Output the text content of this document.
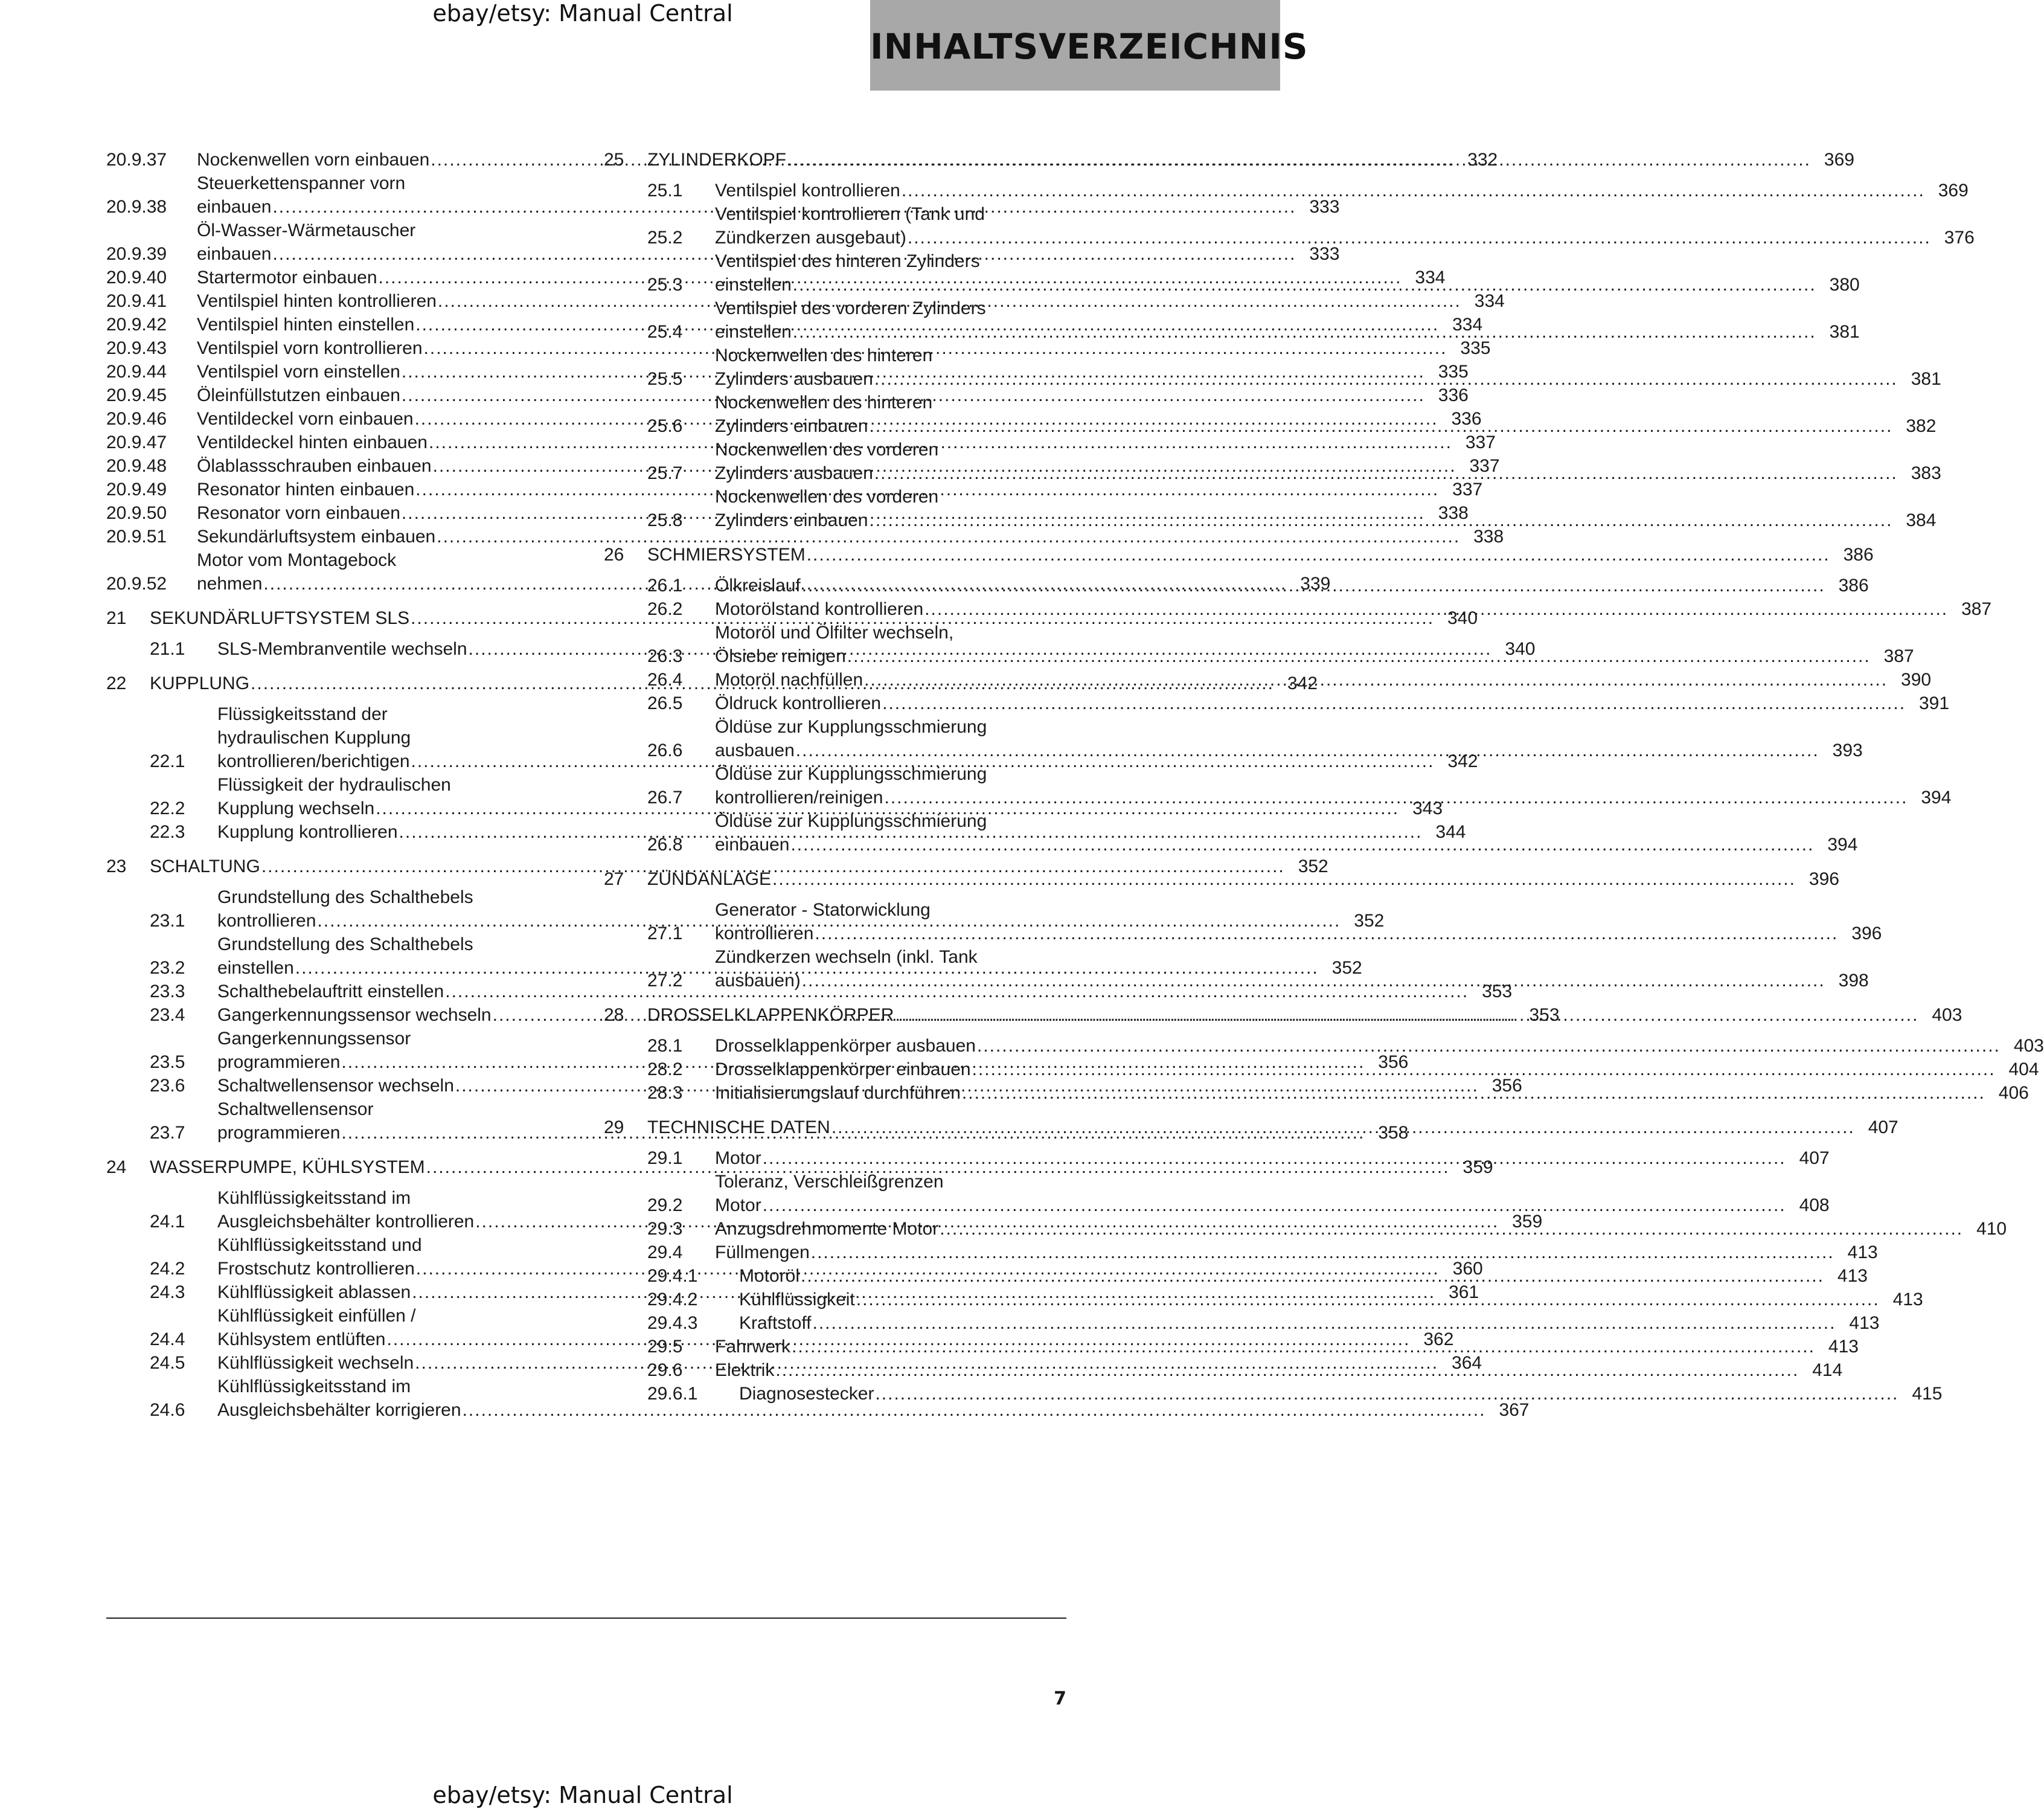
ebay/etsy: Manual Central
INHALTSVERZEICHNIS
20.9.37	Nockenwellen vorn einbauen .....	332
20.9.38
Steuerkettenspanner vorn
einbauen .....	333
20.9.39
Öl-Wasser-Wärmetauscher
einbauen .....	333
20.9.40	Startermotor einbauen .....	334
20.9.41	Ventilspiel hinten kontrollieren .....	334
20.9.42	Ventilspiel hinten einstellen .....	334
20.9.43	Ventilspiel vorn kontrollieren .....	335
20.9.44	Ventilspiel vorn einstellen .....	335
20.9.45	Öleinfüllstutzen einbauen .....	336
20.9.46	Ventildeckel vorn einbauen .....	336
20.9.47	Ventildeckel hinten einbauen .....	337
20.9.48	Ölablassschrauben einbauen .....	337
20.9.49	Resonator hinten einbauen .....	337
20.9.50	Resonator vorn einbauen .....	338
20.9.51	Sekundärluftsystem einbauen .....	338
20.9.52
Motor vom Montagebock
nehmen .....	339
21	SEKUNDÄRLUFTSYSTEM SLS .....	340
21.1	SLS-Membranventile wechseln .....	340
22	KUPPLUNG .....	342
22.1
Flüssigkeitsstand der
hydraulischen Kupplung
kontrollieren/berichtigen .....	342
22.2
Flüssigkeit der hydraulischen
Kupplung wechseln .....	343
22.3	Kupplung kontrollieren .....	344
23	SCHALTUNG .....	352
23.1
Grundstellung des Schalthebels
kontrollieren .....	352
23.2
Grundstellung des Schalthebels
einstellen .....	352
23.3	Schalthebelauftritt einstellen .....	353
23.4	Gangerkennungssensor wechseln .....	353
23.5
Gangerkennungssensor
programmieren .....	356
23.6	Schaltwellensensor wechseln .....	356
23.7
Schaltwellensensor
programmieren .....	358
24	WASSERPUMPE, KÜHLSYSTEM .....	359
24.1
Kühlflüssigkeitsstand im
Ausgleichsbehälter kontrollieren .....	359
24.2
Kühlflüssigkeitsstand und
Frostschutz kontrollieren .....	360
24.3	Kühlflüssigkeit ablassen .....	361
24.4
Kühlflüssigkeit einfüllen /
Kühlsystem entlüften .....	362
24.5	Kühlflüssigkeit wechseln .....	364
24.6
Kühlflüssigkeitsstand im
Ausgleichsbehälter korrigieren .....	367
25	ZYLINDERKOPF .....	369
25.1	Ventilspiel kontrollieren .....	369
25.2
Ventilspiel kontrollieren (Tank und
Zündkerzen ausgebaut) .....	376
25.3
Ventilspiel des hinteren Zylinders
einstellen .....	380
25.4
Ventilspiel des vorderen Zylinders
einstellen .....	381
25.5
Nockenwellen des hinteren
Zylinders ausbauen .....	381
25.6
Nockenwellen des hinteren
Zylinders einbauen .....	382
25.7
Nockenwellen des vorderen
Zylinders ausbauen .....	383
25.8
Nockenwellen des vorderen
Zylinders einbauen .....	384
26	SCHMIERSYSTEM .....	386
26.1	Ölkreislauf .....	386
26.2	Motorölstand kontrollieren .....	387
26.3
Motoröl und Ölfilter wechseln,
Ölsiebe reinigen .....	387
26.4	Motoröl nachfüllen .....	390
26.5	Öldruck kontrollieren .....	391
26.6
Öldüse zur Kupplungsschmierung
ausbauen .....	393
26.7
Öldüse zur Kupplungsschmierung
kontrollieren/reinigen .....	394
26.8
Öldüse zur Kupplungsschmierung
einbauen .....	394
27	ZÜNDANLAGE .....	396
27.1
Generator - Statorwicklung
kontrollieren .....	396
27.2
Zündkerzen wechseln (inkl. Tank
ausbauen) .....	398
28	DROSSELKLAPPENKÖRPER .....	403
28.1	Drosselklappenkörper ausbauen .....	403
28.2	Drosselklappenkörper einbauen .....	404
28.3	Initialisierungslauf durchführen .....	406
29	TECHNISCHE DATEN .....	407
29.1	Motor .....	407
29.2
Toleranz, Verschleißgrenzen
Motor .....	408
29.3	Anzugsdrehmomente Motor .....	410
29.4	Füllmengen .....	413
29.4.1	Motoröl .....	413
29.4.2	Kühlflüssigkeit .....	413
29.4.3	Kraftstoff .....	413
29.5	Fahrwerk .....	413
29.6	Elektrik .....	414
29.6.1	Diagnosestecker .....	415
7
ebay/etsy: Manual Central
